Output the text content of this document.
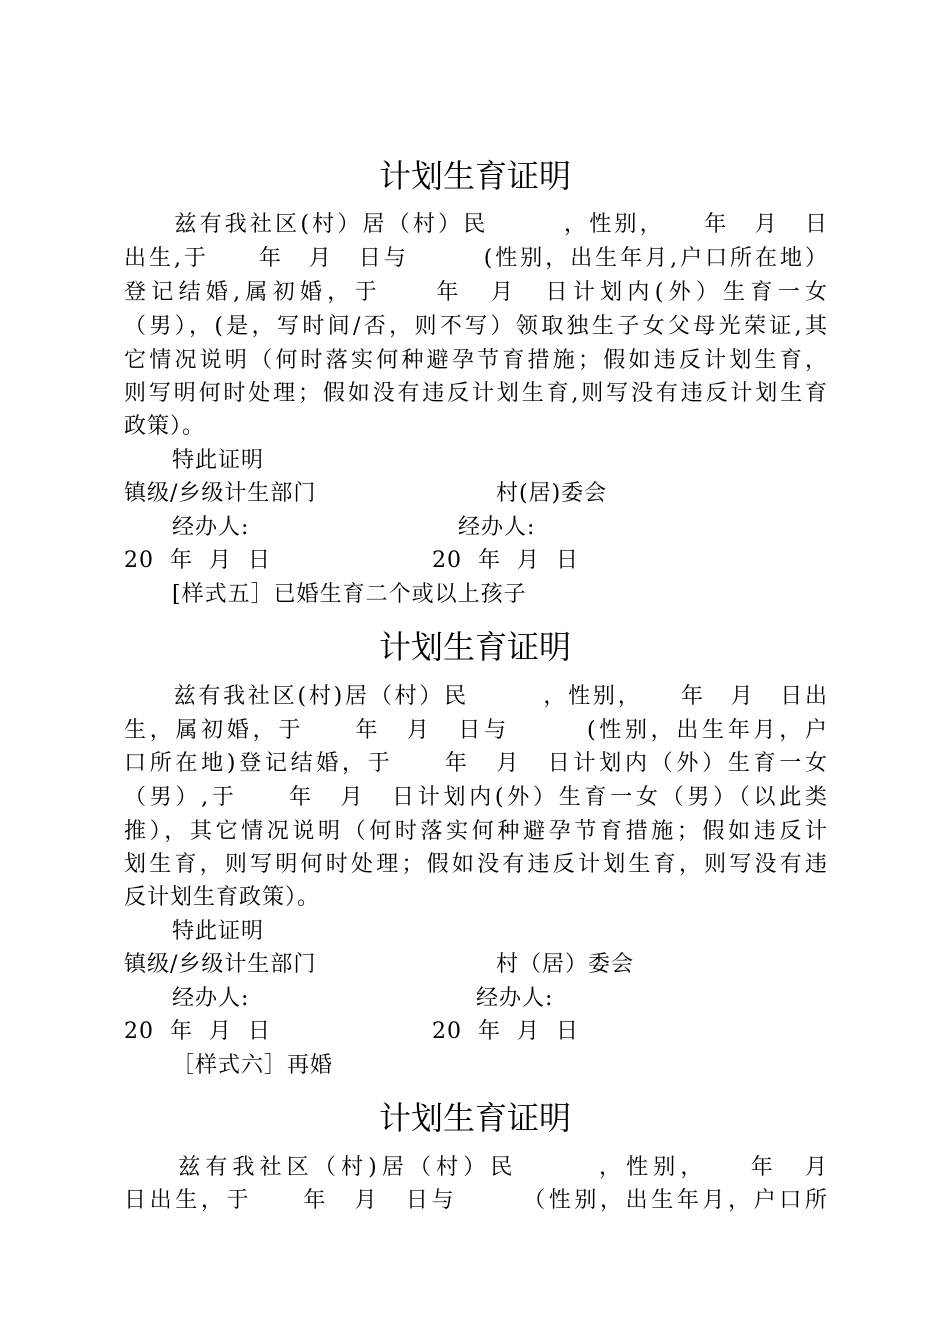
计划生育证明
　　兹有我社区(村）居（村）民　　　，性别，　　年　月　日
出生,于　　年　月　日与　　　(性别，出生年月,户口所在地）
登记结婚,属初婚，于　　年　月　日计划内(外）生育一女
（男），(是，写时间/否，则不写）领取独生子女父母光荣证,其
它情况说明（何时落实何种避孕节育措施；假如违反计划生育，
则写明何时处理；假如没有违反计划生育,则写没有违反计划生育
政策）。
特此证明
镇级/乡级计生部门	村(居)委会
经办人:	经办人:
20  年  月  日	20  年  月  日
[样式五］已婚生育二个或以上孩子
计划生育证明
　　兹有我社区(村)居（村）民　　　，性别，　　年　月　日出
生，属初婚，于　　年　月　日与　　　(性别，出生年月，户
口所在地)登记结婚，于　　年　月　日计划内（外）生育一女
（男）,于　　年　月　日计划内(外）生育一女（男）（以此类
推），其它情况说明（何时落实何种避孕节育措施；假如违反计
划生育，则写明何时处理；假如没有违反计划生育，则写没有违
反计划生育政策）。
特此证明
镇级/乡级计生部门	村（居）委会
经办人:	经办人:
20  年  月  日	20  年  月  日
［样式六］再婚
计划生育证明
　　兹有我社区（村)居（村）民　　　，性别，　　年　月
日出生，于　　年　月　日与　　　（性别，出生年月，户口所
